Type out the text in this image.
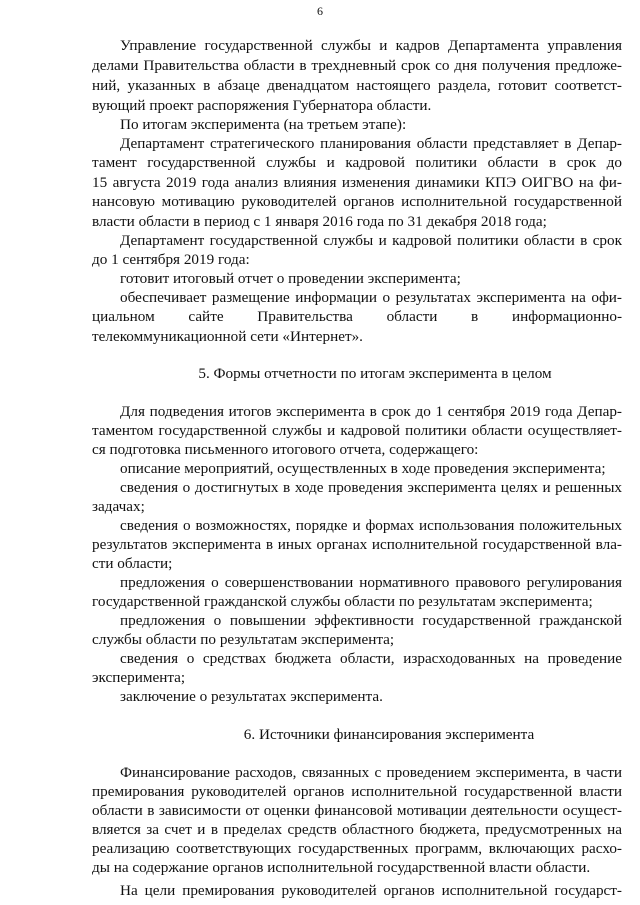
6
Управление государственной службы и кадров Департамента управления
делами Правительства области в трехдневный срок со дня получения предложе-
ний, указанных в абзаце двенадцатом настоящего раздела, готовит соответст-
вующий проект распоряжения Губернатора области.
По итогам эксперимента (на третьем этапе):
Департамент стратегического планирования области представляет в Депар-
тамент государственной службы и кадровой политики области в срок до
15 августа 2019 года анализ влияния изменения динамики КПЭ ОИГВО на фи-
нансовую мотивацию руководителей органов исполнительной государственной
власти области в период с 1 января 2016 года по 31 декабря 2018 года;
Департамент государственной службы и кадровой политики области в срок
до 1 сентября 2019 года:
готовит итоговый отчет о проведении эксперимента;
обеспечивает размещение информации о результатах эксперимента на офи-
циальном сайте Правительства области в информационно-
телекоммуникационной сети «Интернет».
5. Формы отчетности по итогам эксперимента в целом
Для подведения итогов эксперимента в срок до 1 сентября 2019 года Депар-
таментом государственной службы и кадровой политики области осуществляет-
ся подготовка письменного итогового отчета, содержащего:
описание мероприятий, осуществленных в ходе проведения эксперимента;
сведения о достигнутых в ходе проведения эксперимента целях и решенных
задачах;
сведения о возможностях, порядке и формах использования положительных
результатов эксперимента в иных органах исполнительной государственной вла-
сти области;
предложения о совершенствовании нормативного правового регулирования
государственной гражданской службы области по результатам эксперимента;
предложения о повышении эффективности государственной гражданской
службы области по результатам эксперимента;
сведения о средствах бюджета области, израсходованных на проведение
эксперимента;
заключение о результатах эксперимента.
6. Источники финансирования эксперимента
Финансирование расходов, связанных с проведением эксперимента, в части
премирования руководителей органов исполнительной государственной власти
области в зависимости от оценки финансовой мотивации деятельности осущест-
вляется за счет и в пределах средств областного бюджета, предусмотренных на
реализацию соответствующих государственных программ, включающих расхо-
ды на содержание органов исполнительной государственной власти области.
На цели премирования руководителей органов исполнительной государст-
